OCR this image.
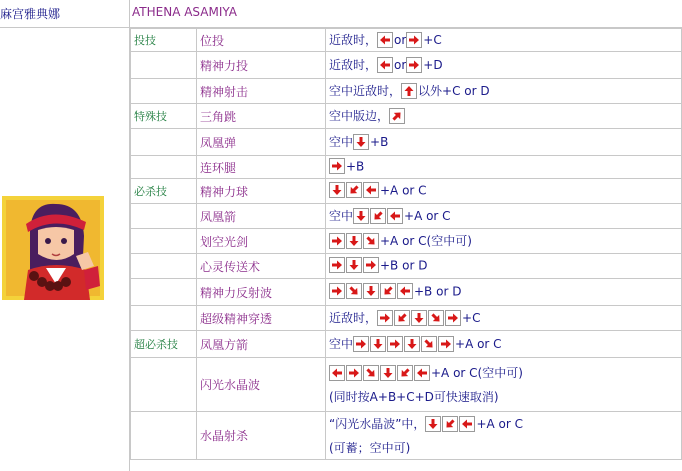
麻宫雅典娜	ATHENA ASAMIYA
投技	位投	近敌时， or +C

	精神力投	近敌时， or +D

	精神射击	空中近敌时， 以外+C or D

特殊技	三角跳	空中版边，

	凤凰弹	空中 +B

	连环腿	+B

必杀技	精神力球	+A or C

	凤凰箭	空中 +A or C

	划空光剑	+A or C(空中可)

	心灵传送术	+B or D

	精神力反射波	+B or D

	超级精神穿透	近敌时， +C

超必杀技	凤凰方箭	空中 +A or C

	闪光水晶波	+A or C(空中可)
(同时按A+B+C+D可快速取消)

	水晶射杀	“闪光水晶波”中， +A or C
(可蓄；空中可)
